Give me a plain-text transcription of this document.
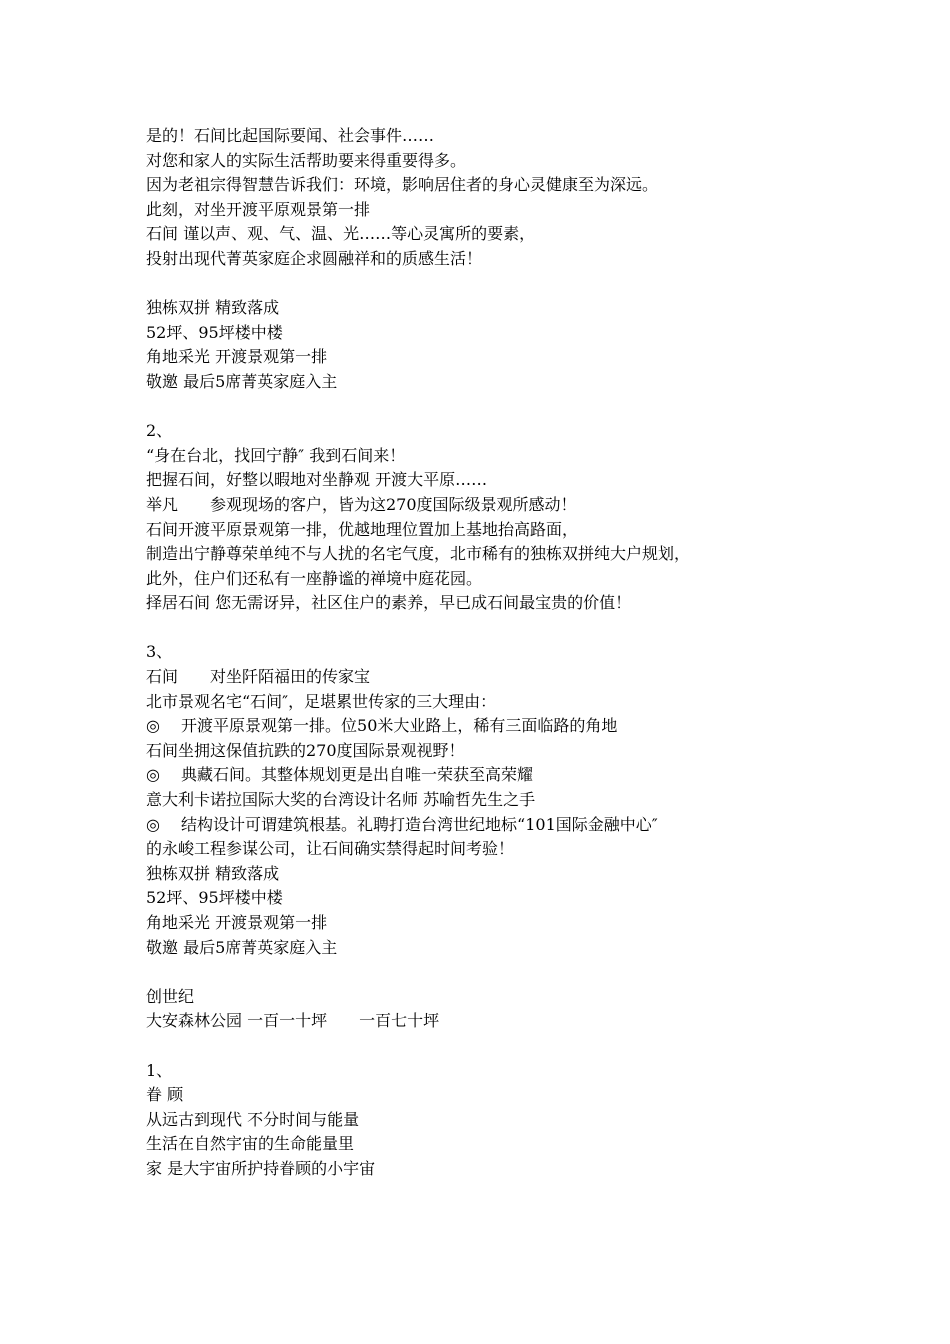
是的！石间比起国际要闻、社会事件……
对您和家人的实际生活帮助要来得重要得多。
因为老祖宗得智慧告诉我们：环境，影响居住者的身心灵健康至为深远。
此刻，对坐开渡平原观景第一排
石间 谨以声、观、气、温、光……等心灵寓所的要素，
投射出现代菁英家庭企求圆融祥和的质感生活！
独栋双拼 精致落成
52坪、95坪楼中楼
角地采光 开渡景观第一排
敬邀 最后5席菁英家庭入主
2、
“身在台北，找回宁静″ 我到石间来！
把握石间，好整以暇地对坐静观 开渡大平原……
举凡　　参观现场的客户，皆为这270度国际级景观所感动！
石间开渡平原景观第一排，优越地理位置加上基地抬高路面，
制造出宁静尊荣单纯不与人扰的名宅气度，北市稀有的独栋双拼纯大户规划，
此外，住户们还私有一座静谧的禅境中庭花园。
择居石间 您无需讶异，社区住户的素养，早已成石间最宝贵的价值！
3、
石间　　对坐阡陌福田的传家宝
北市景观名宅“石间″，足堪累世传家的三大理由：
◎　 开渡平原景观第一排。位50米大业路上，稀有三面临路的角地
石间坐拥这保值抗跌的270度国际景观视野！
◎　 典藏石间。其整体规划更是出自唯一荣获至高荣耀
意大利卡诺拉国际大奖的台湾设计名师 苏喻哲先生之手
◎　 结构设计可谓建筑根基。礼聘打造台湾世纪地标“101国际金融中心″
的永峻工程参谋公司，让石间确实禁得起时间考验！
独栋双拼 精致落成
52坪、95坪楼中楼
角地采光 开渡景观第一排
敬邀 最后5席菁英家庭入主
创世纪
大安森林公园 一百一十坪　　一百七十坪
1、
眷 顾
从远古到现代 不分时间与能量
生活在自然宇宙的生命能量里
家 是大宇宙所护持眷顾的小宇宙
